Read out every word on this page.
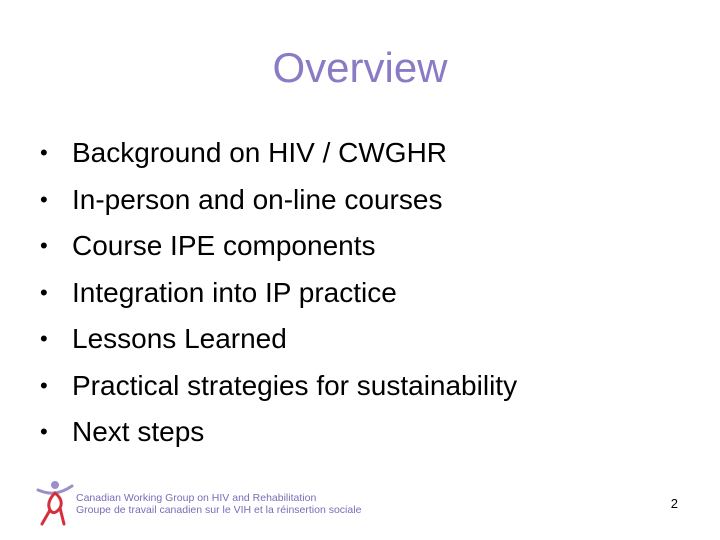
Overview
• Background on HIV / CWGHR
• In-person and on-line courses
• Course IPE components
• Integration into IP practice
• Lessons Learned
• Practical strategies for sustainability
• Next steps
Canadian Working Group on HIV and Rehabilitation
Groupe de travail canadien sur le VIH et la réinsertion sociale	2
